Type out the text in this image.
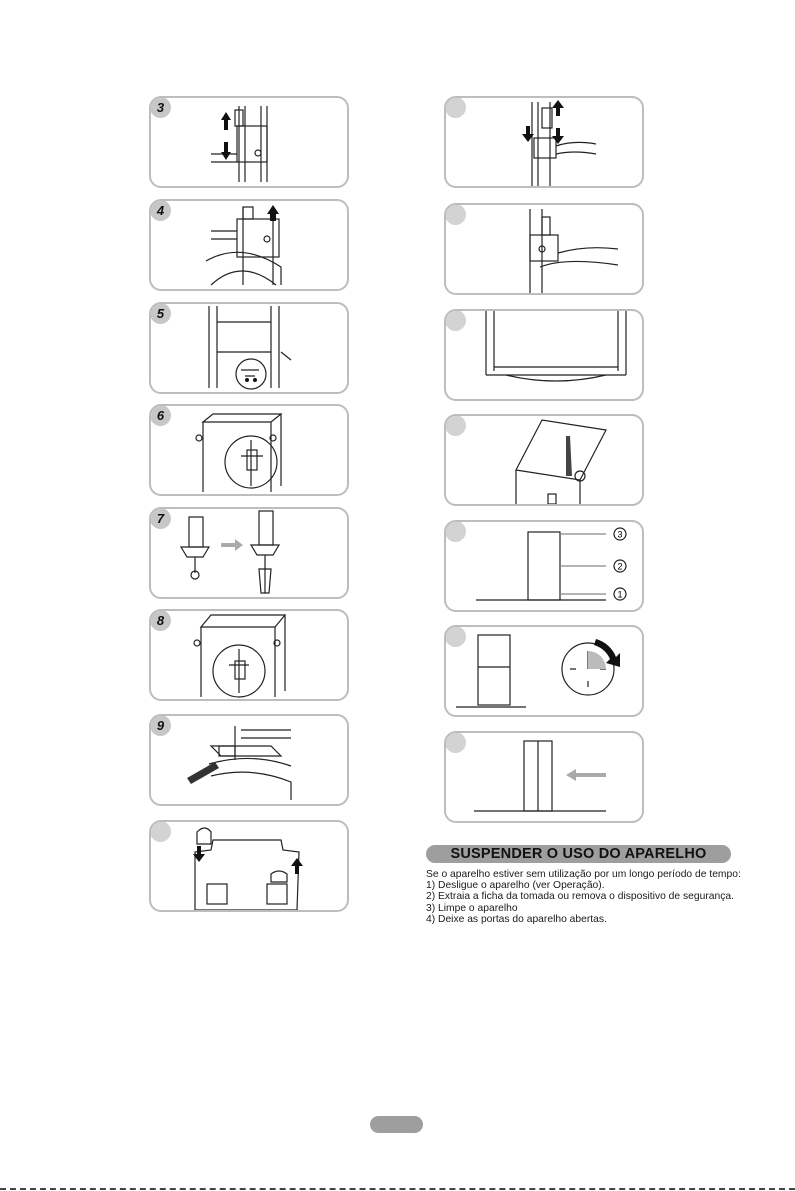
3
4
5
6
7
8
9
3
2
1
SUSPENDER O USO DO APARELHO
Se o aparelho estiver sem utilização por um longo período de tempo:
1) Desligue o aparelho (ver Operação).
2) Extraia a ficha da tomada ou remova o dispositivo de segurança.
3) Limpe o aparelho
4) Deixe as portas do aparelho abertas.
